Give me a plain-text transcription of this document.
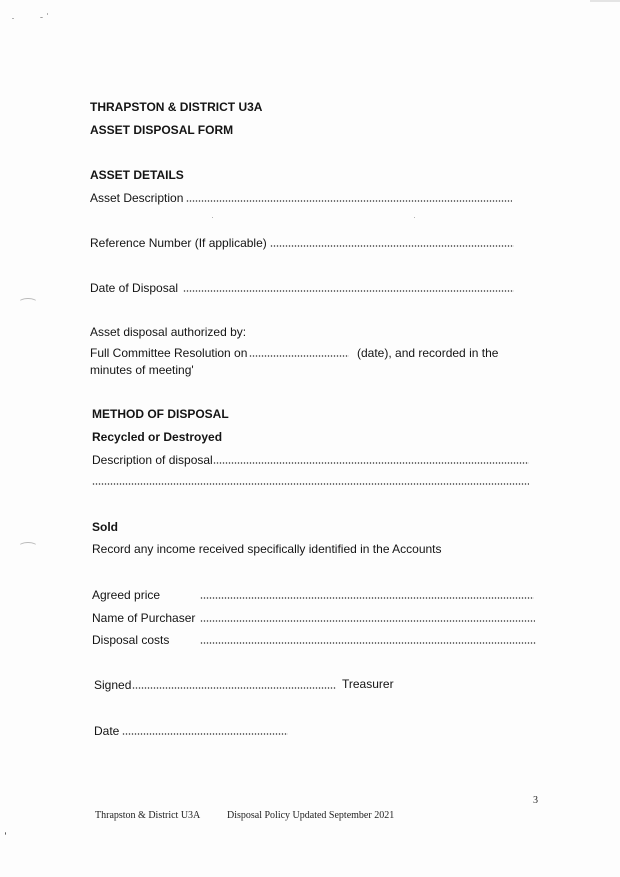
THRAPSTON & DISTRICT U3A
ASSET DISPOSAL FORM
ASSET DETAILS
Asset Description
Reference Number (If applicable)
Date of Disposal
Asset disposal authorized by:
Full Committee Resolution on	(date), and recorded in the
minutes of meeting'
METHOD OF DISPOSAL
Recycled or Destroyed
Description of disposal
Sold
Record any income received specifically identified in the Accounts
Agreed price
Name of Purchaser
Disposal costs
Signed	Treasurer
Date
3
Thrapston & District U3A	Disposal Policy Updated September 2021
